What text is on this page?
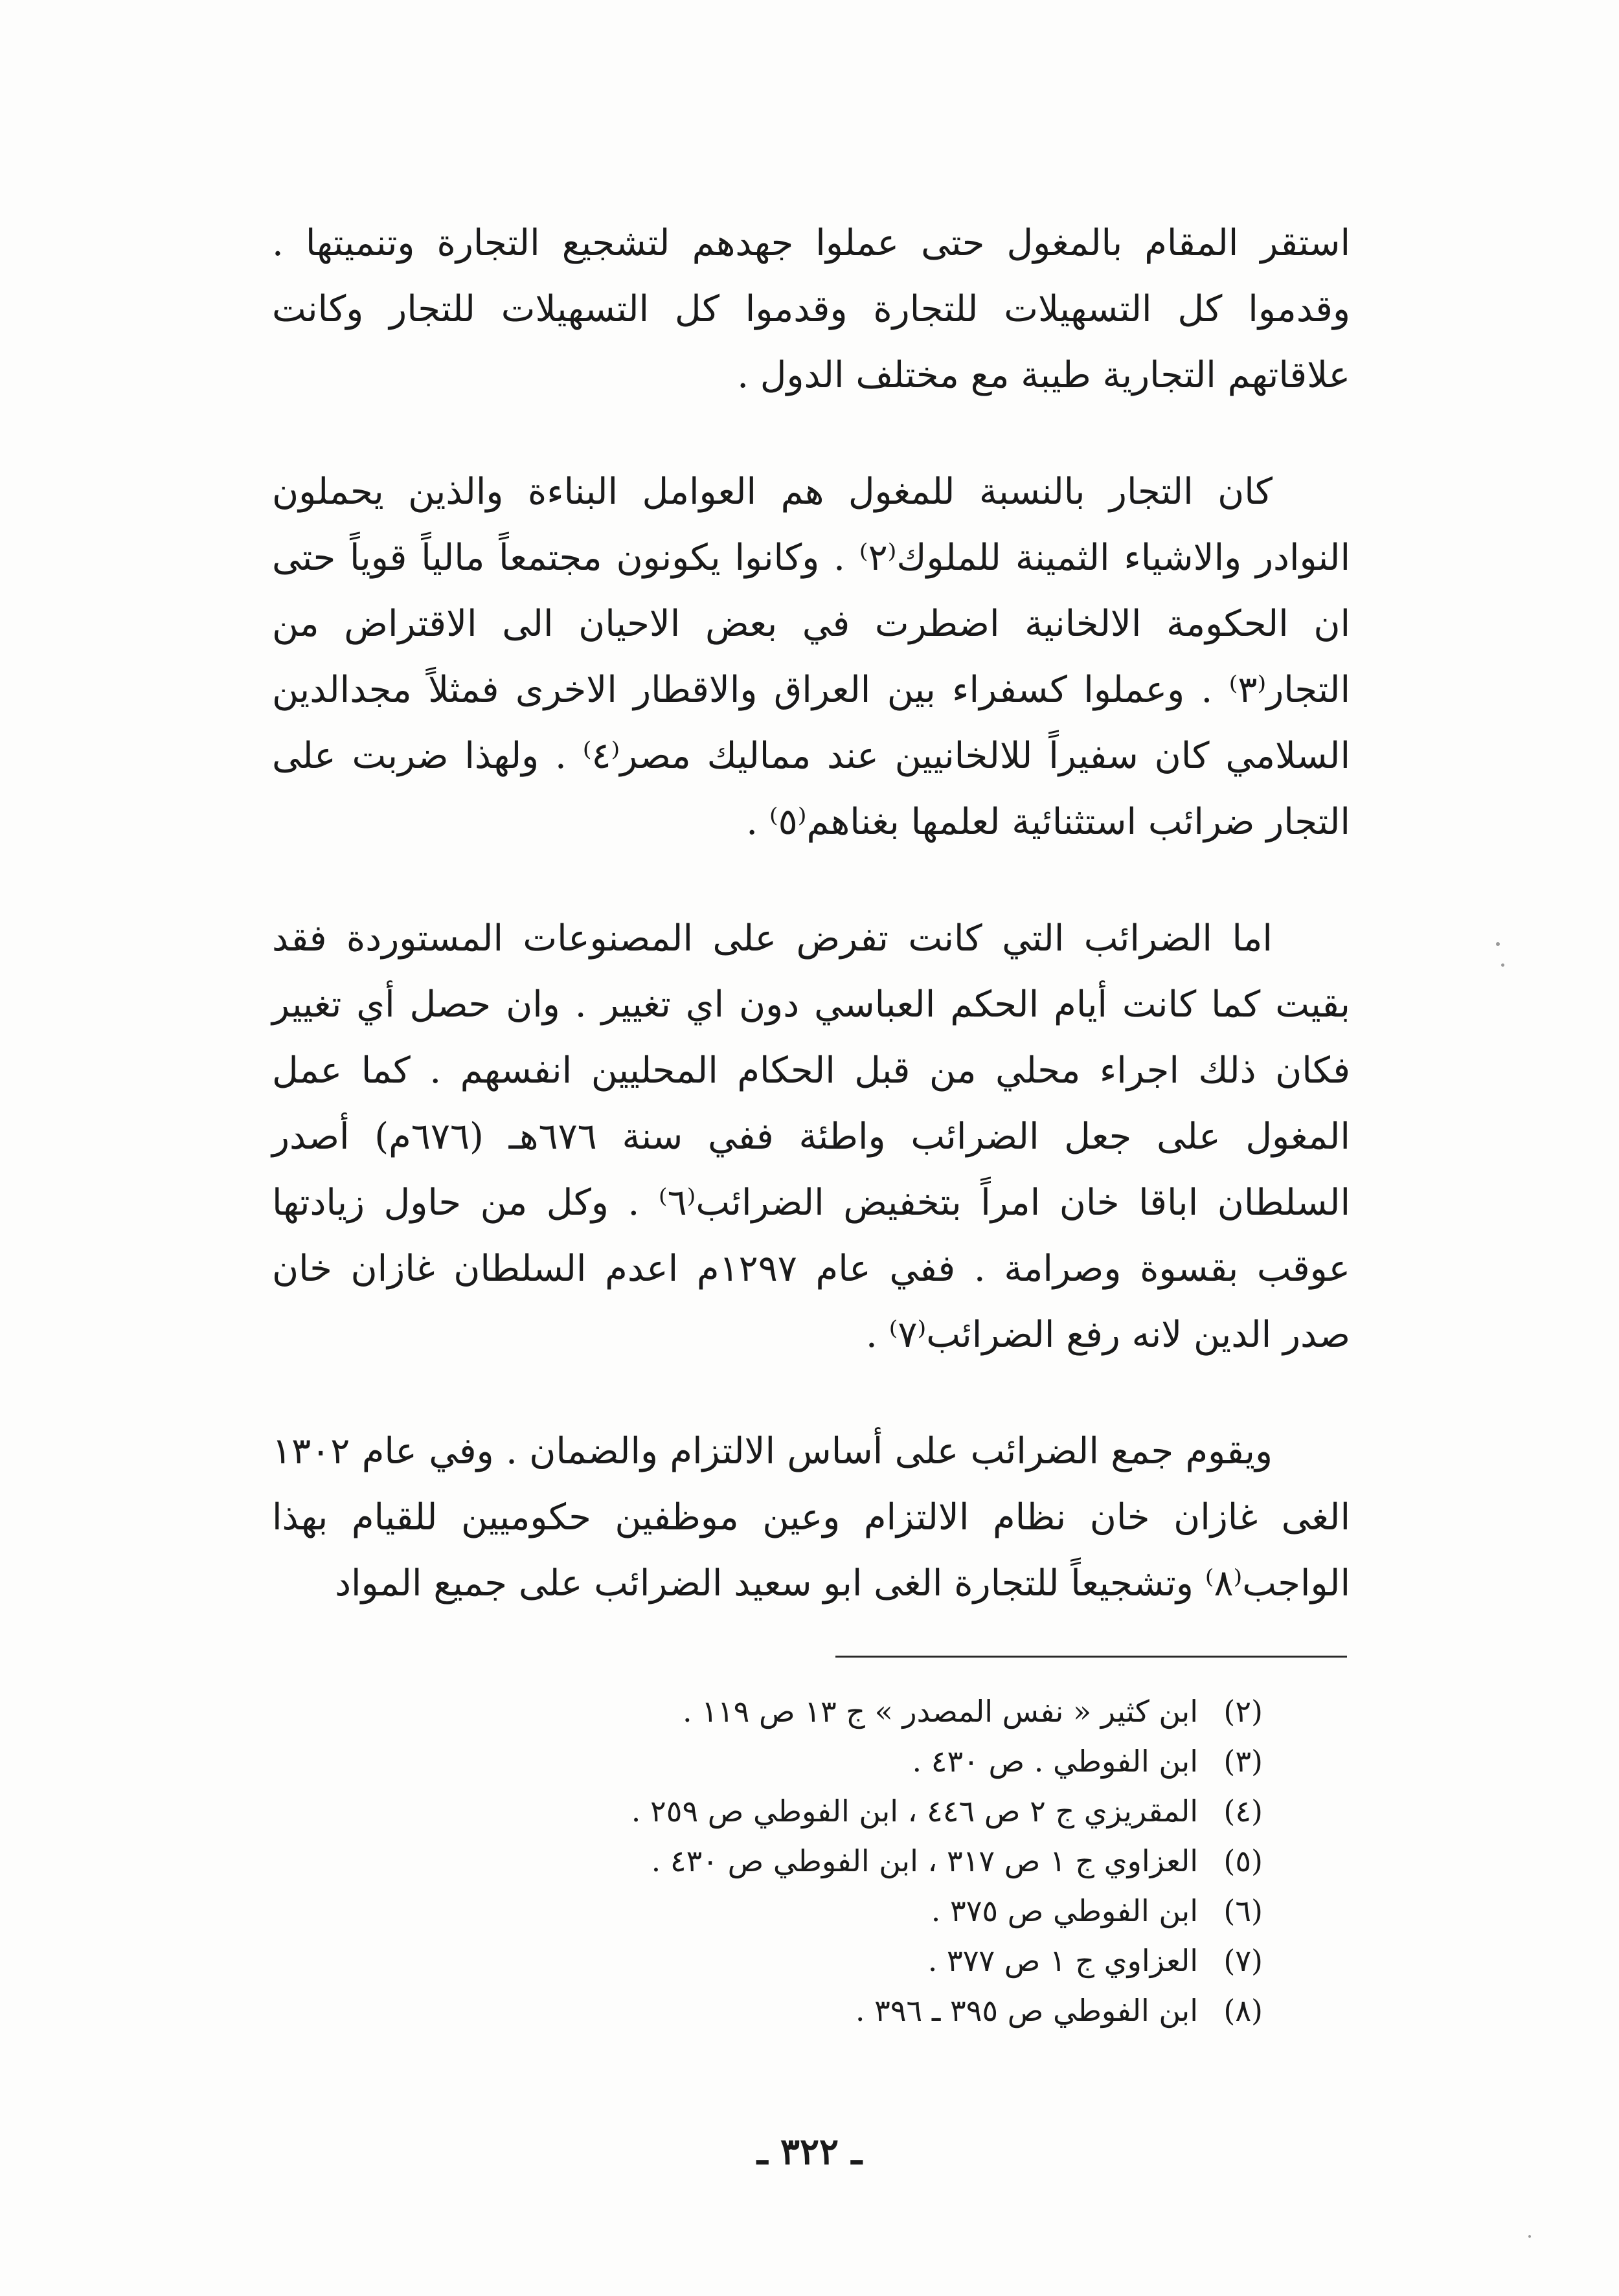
استقر المقام بالمغول حتى عملوا جهدهم لتشجيع التجارة وتنميتها . وقدموا كل التسهيلات للتجارة وقدموا كل التسهيلات للتجار وكانت علاقاتهم التجارية طيبة مع مختلف الدول .

كان التجار بالنسبة للمغول هم العوامل البناءة والذين يحملون النوادر والاشياء الثمينة للملوك⁽٢⁾ . وكانوا يكونون مجتمعاً مالياً قوياً حتى ان الحكومة الالخانية اضطرت في بعض الاحيان الى الاقتراض من التجار⁽٣⁾ . وعملوا كسفراء بين العراق والاقطار الاخرى فمثلاً مجدالدين السلامي كان سفيراً للالخانيين عند مماليك مصر⁽٤⁾ . ولهذا ضربت على التجار ضرائب استثنائية لعلمها بغناهم⁽٥⁾ .

اما الضرائب التي كانت تفرض على المصنوعات المستوردة فقد بقيت كما كانت أيام الحكم العباسي دون اي تغيير . وان حصل أي تغيير فكان ذلك اجراء محلي من قبل الحكام المحليين انفسهم . كما عمل المغول على جعل الضرائب واطئة ففي سنة ٦٧٦هـ (٦٧٦م) أصدر السلطان اباقا خان امراً بتخفيض الضرائب⁽٦⁾ . وكل من حاول زيادتها عوقب بقسوة وصرامة . ففي عام ١٢٩٧م اعدم السلطان غازان خان صدر الدين لانه رفع الضرائب⁽٧⁾ .

ويقوم جمع الضرائب على أساس الالتزام والضمان . وفي عام ١٣٠٢ الغى غازان خان نظام الالتزام وعين موظفين حكوميين للقيام بهذا الواجب⁽٨⁾ وتشجيعاً للتجارة الغى ابو سعيد الضرائب على جميع المواد

(٢)
ابن كثير « نفس المصدر » ج ١٣ ص ١١٩ .
(٣)
ابن الفوطي . ص ٤٣٠ .
(٤)
المقريزي ج ٢ ص ٤٤٦ ، ابن الفوطي ص ٢٥٩ .
(٥)
العزاوي ج ١ ص ٣١٧ ، ابن الفوطي ص ٤٣٠ .
(٦)
ابن الفوطي ص ٣٧٥ .
(٧)
العزاوي ج ١ ص ٣٧٧ .
(٨)
ابن الفوطي ص ٣٩٥ ـ ٣٩٦ .
ـ ٣٢٢ ـ
